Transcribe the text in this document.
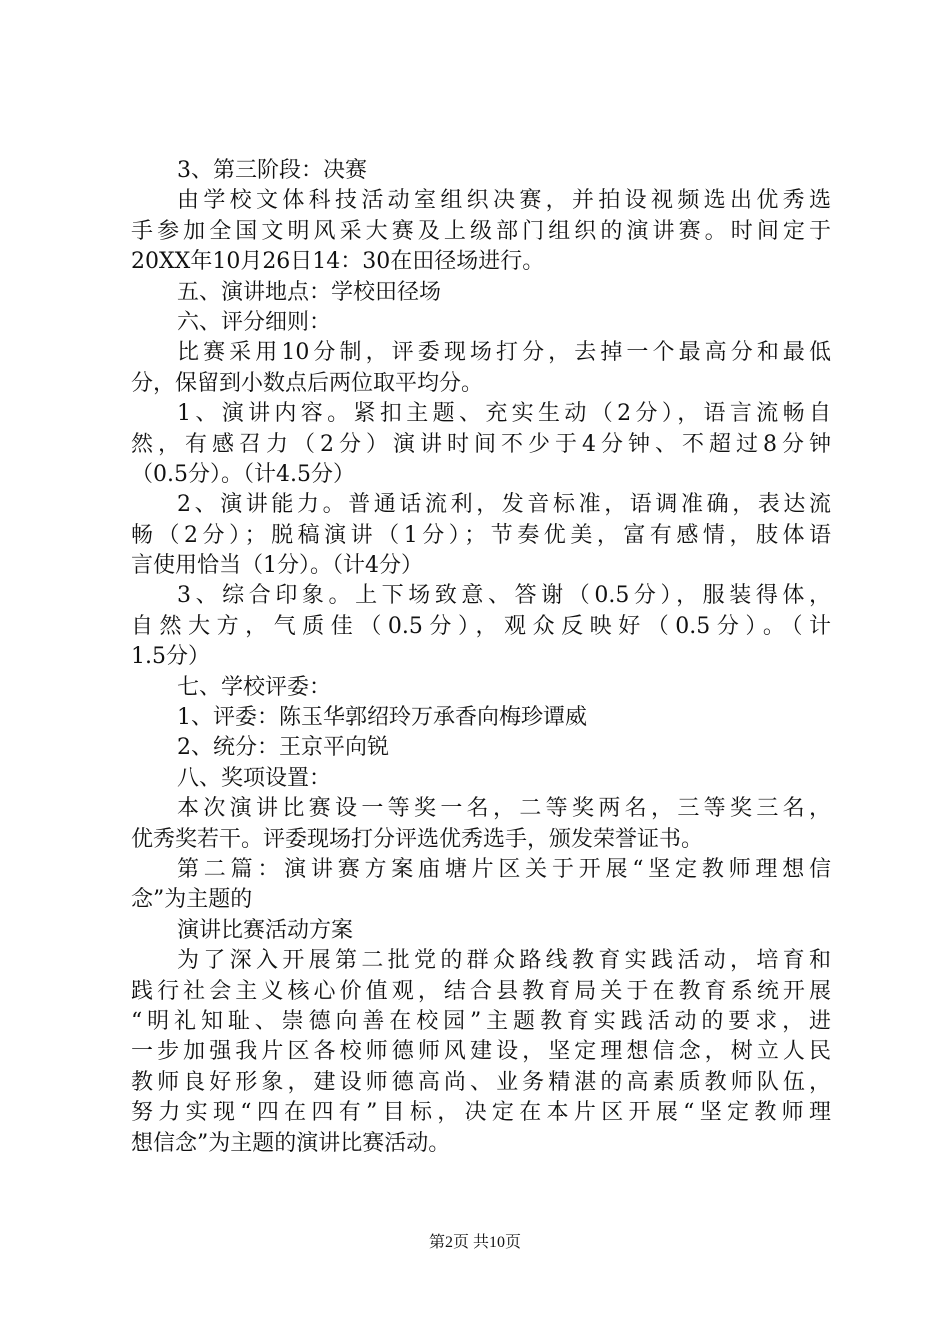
3、第三阶段：决赛
由学校文体科技活动室组织决赛，并拍设视频选出优秀选
手参加全国文明风采大赛及上级部门组织的演讲赛。时间定于
20XX年10月26日14：30在田径场进行。
五、演讲地点：学校田径场
六、评分细则：
比赛采用10分制，评委现场打分，去掉一个最高分和最低
分，保留到小数点后两位取平均分。
1、演讲内容。紧扣主题、充实生动（2分），语言流畅自
然，有感召力（2分）演讲时间不少于4分钟、不超过8分钟
（0.5分）。（计4.5分）
2、演讲能力。普通话流利，发音标准，语调准确，表达流
畅（2分）；脱稿演讲（1分）；节奏优美，富有感情，肢体语
言使用恰当（1分）。（计4分）
3、综合印象。上下场致意、答谢（0.5分），服装得体，
自然大方，气质佳（0.5分），观众反映好（0.5分）。（计
1.5分）
七、学校评委：
1、评委：陈玉华郭绍玲万承香向梅珍谭威
2、统分：王京平向锐
八、奖项设置：
本次演讲比赛设一等奖一名，二等奖两名，三等奖三名，
优秀奖若干。评委现场打分评选优秀选手，颁发荣誉证书。
第二篇：演讲赛方案庙塘片区关于开展“坚定教师理想信
念”为主题的
演讲比赛活动方案
为了深入开展第二批党的群众路线教育实践活动，培育和
践行社会主义核心价值观，结合县教育局关于在教育系统开展
“明礼知耻、崇德向善在校园”主题教育实践活动的要求，进
一步加强我片区各校师德师风建设，坚定理想信念，树立人民
教师良好形象，建设师德高尚、业务精湛的高素质教师队伍，
努力实现“四在四有”目标，决定在本片区开展“坚定教师理
想信念”为主题的演讲比赛活动。
第2页 共10页
